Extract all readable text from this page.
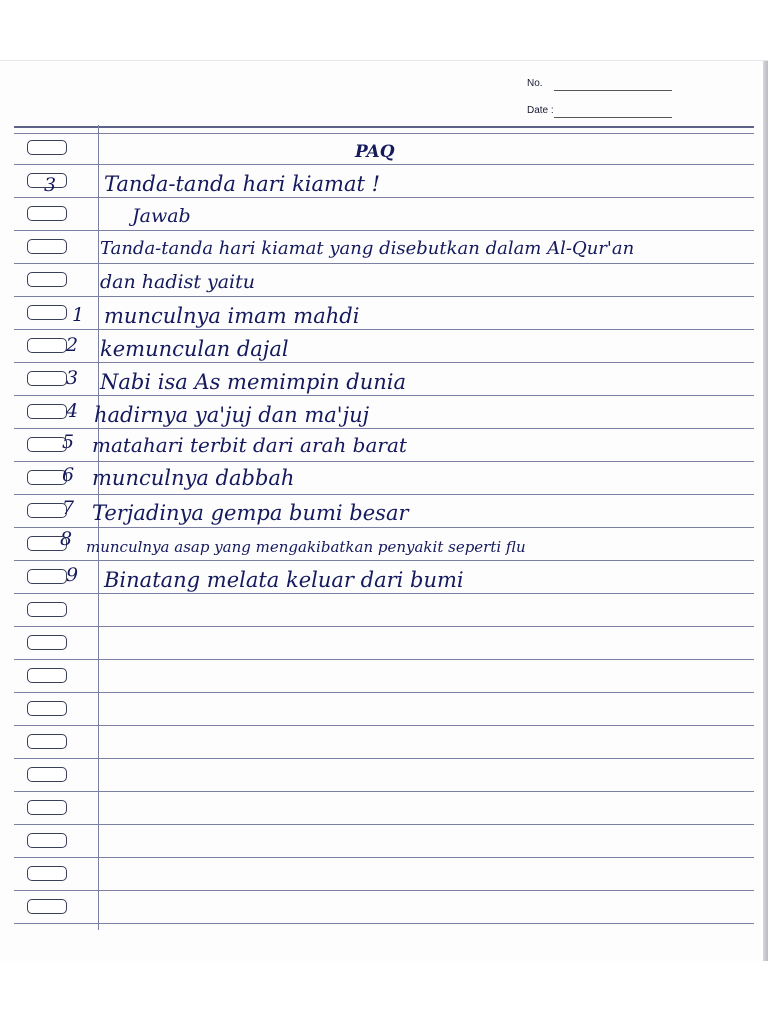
No.
Date :
PAQ
3 Tanda-tanda hari kiamat !
Jawab
Tanda-tanda hari kiamat yang disebutkan dalam Al-Qur'an
dan hadist yaitu
1 munculnya imam mahdi
2 kemunculan dajal
3 Nabi isa As memimpin dunia
4 hadirnya ya'juj dan ma'juj
5 matahari terbit dari arah barat
6 munculnya dabbah
7 Terjadinya gempa bumi besar
8 munculnya asap yang mengakibatkan penyakit seperti flu
9 Binatang melata keluar dari bumi
